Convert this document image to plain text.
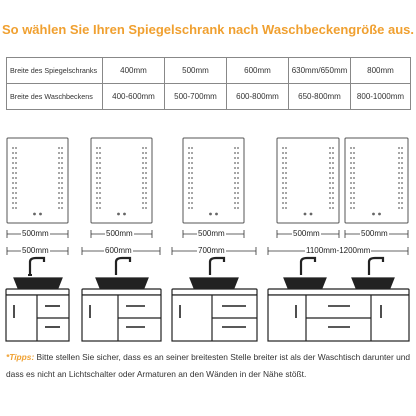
So wählen Sie Ihren Spiegelschrank nach Waschbeckengröße aus.
Breite des Spiegelschranks	400mm	500mm	600mm	630mm/650mm	800mm
Breite des Waschbeckens	400-600mm	500-700mm	600-800mm	650-800mm	800-1000mm
500mm	500mm	500mm	500mm	500mm
500mm	600mm	700mm	1100mm-1200mm
*Tipps: Bitte stellen Sie sicher, dass es an seiner breitesten Stelle breiter ist als der Waschtisch darunter und dass es nicht an Lichtschalter oder Armaturen an den Wänden in der Nähe stößt.
